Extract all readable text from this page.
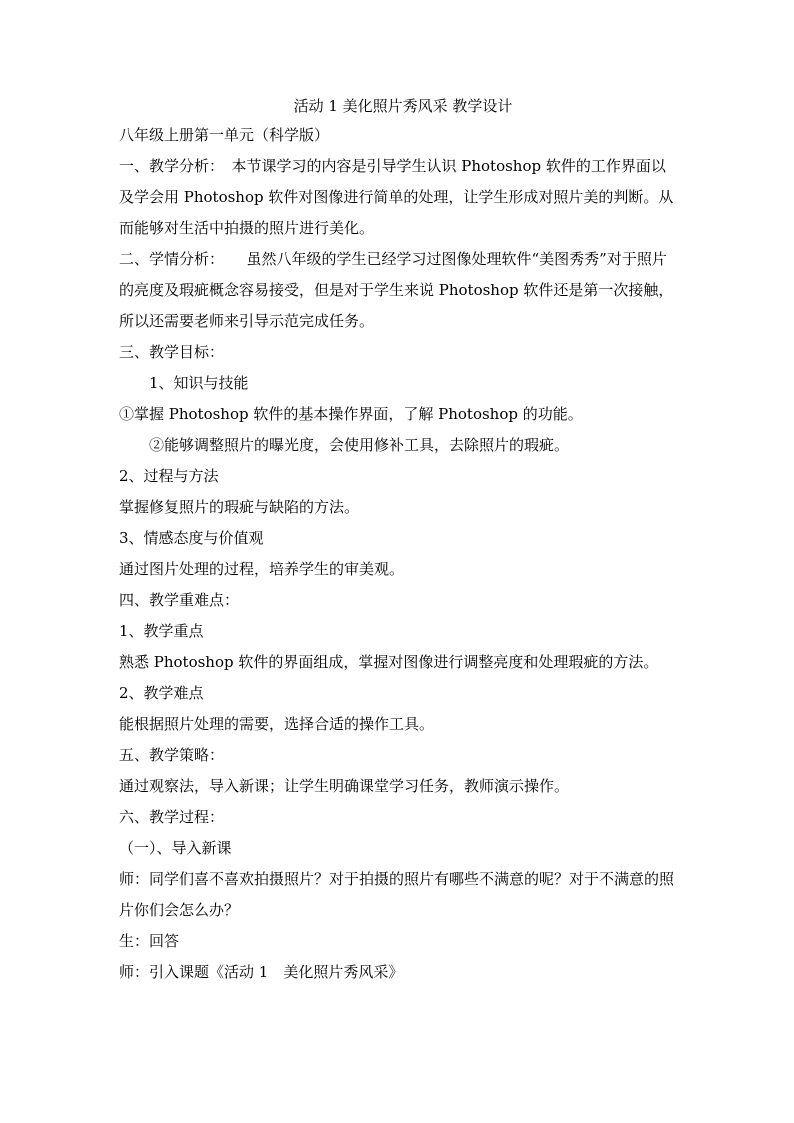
活动 1 美化照片秀风采 教学设计

八年级上册第一单元（科学版）

一、教学分析：　本节课学习的内容是引导学生认识 Photoshop 软件的工作界面以及学会用 Photoshop 软件对图像进行简单的处理，让学生形成对照片美的判断。从而能够对生活中拍摄的照片进行美化。

二、学情分析：　　虽然八年级的学生已经学习过图像处理软件“美图秀秀”对于照片的亮度及瑕疵概念容易接受，但是对于学生来说 Photoshop 软件还是第一次接触，所以还需要老师来引导示范完成任务。

三、教学目标：

1、知识与技能

①掌握 Photoshop 软件的基本操作界面，了解 Photoshop 的功能。

②能够调整照片的曝光度，会使用修补工具，去除照片的瑕疵。

2、过程与方法

掌握修复照片的瑕疵与缺陷的方法。

3、情感态度与价值观

通过图片处理的过程，培养学生的审美观。

四、教学重难点：

1、教学重点

熟悉 Photoshop 软件的界面组成，掌握对图像进行调整亮度和处理瑕疵的方法。

2、教学难点

能根据照片处理的需要，选择合适的操作工具。

五、教学策略：

通过观察法，导入新课；让学生明确课堂学习任务，教师演示操作。

六、教学过程：

（一）、导入新课

师：同学们喜不喜欢拍摄照片？对于拍摄的照片有哪些不满意的呢？对于不满意的照片你们会怎么办？

生：回答

师：引入课题《活动 1　美化照片秀风采》
